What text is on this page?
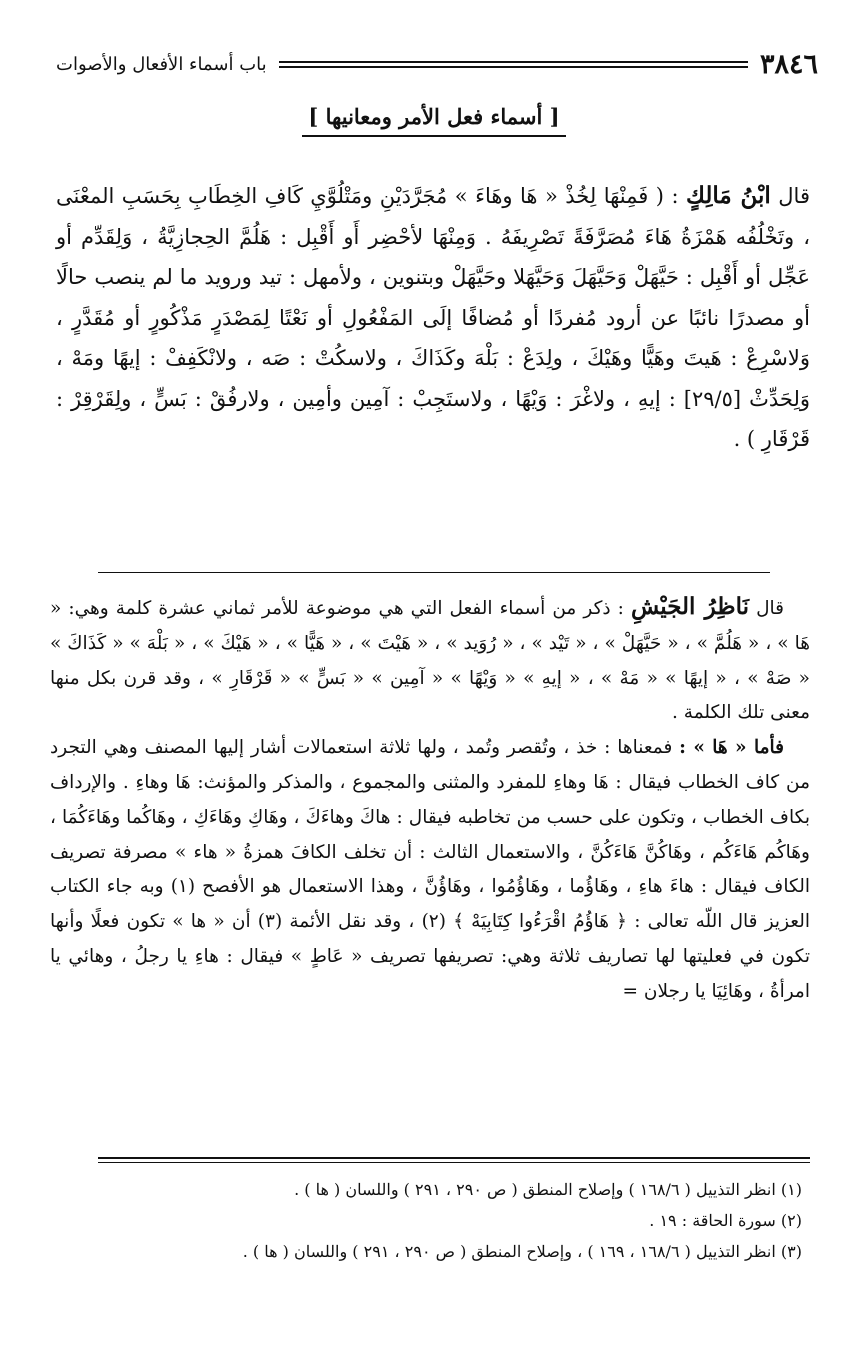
٣٨٤٦
باب أسماء الأفعال والأصوات
[ أسماء فعل الأمر ومعانيها ]
قال ابْنُ مَالِكٍ : ( فَمِنْهَا لِخُذْ « هَا وهَاءَ » مُجَرَّدَيْنِ ومَتْلُوَّيِ كَافِ الخِطَابِ بِحَسَبِ المعْنَى ، وتَخْلُفُه هَمْزَةُ هَاءَ مُصَرَّفَةً تَصْرِيفَهُ . وَمِنْهَا لأحْضِر أَو أَقْبِل : هَلُمَّ الحِجازِيَّةُ ، وَلِقَدِّم أو عَجِّل أو أَقْبِل : حَيَّهَلْ وَحَيَّهَلَ وَحَيَّهَلا وحَيَّهَلْ وبتنوين ، ولأمهل : تيد ورويد ما لم ينصب حالًا أو مصدرًا نائبًا عن أرود مُفردًا أو مُضافًا إلَى المَفْعُولِ أو نَعْتًا لِمَصْدَرٍ مَذْكُورٍ أو مُقَدَّرٍ ، وَلاسْرِعْ : هَيتَ وهَيًّا وهَيْكَ ، ولِدَعْ : بَلْهَ وكَذَاكَ ، ولاسكُتْ : صَه ، ولانْكَفِفْ : إيهًا ومَهْ ، وَلِحَدِّثْ [٢٩/٥] : إيهِ ، ولاغْرَ : وَيْهًا ، ولاستَجِبْ : آمِين وأمِين ، ولارفُقْ : بَسٍّ ، ولِقَرْقِرْ : قَرْقَارِ ) .

قال نَاظِرُ الجَيْشِ : ذكر من أسماء الفعل التي هي موضوعة للأمر ثماني عشرة كلمة وهي: « هَا » ، « هَلُمَّ » ، « حَيَّهَلْ » ، « تَيْد » ، « رُوَيد » ، « هَيْتَ » ، « هَيًّا » ، « هَيْكَ » ، « بَلْهَ » « كَذَاكَ » « صَهْ » ، « إيهًا » « مَهْ » ، « إيهِ » « وَيْهًا » « آمِين » « بَسٍّ » « قَرْقَارِ » ، وقد قرن بكل منها معنى تلك الكلمة .

فأما « هَا » : فمعناها : خذ ، وتُقصر وتُمد ، ولها ثلاثة استعمالات أشار إليها المصنف وهي التجرد من كاف الخطاب فيقال : هَا وهاءِ للمفرد والمثنى والمجموع ، والمذكر والمؤنث: هَا وهاءِ . والإرداف بكاف الخطاب ، وتكون على حسب من تخاطبه فيقال : هاكَ وهاءَكَ ، وهَاكِ وهَاءَكِ ، وهَاكُما وهَاءَكُمَا ، وهَاكُم هَاءَكُم ، وهَاكُنَّ هَاءَكُنَّ ، والاستعمال الثالث : أن تخلف الكافَ همزةُ « هاء » مصرفة تصريف الكاف فيقال : هاءَ هاءِ ، وهَاؤُما ، وهَاؤُمُوا ، وهَاؤُنَّ ، وهذا الاستعمال هو الأفصح (١) وبه جاء الكتاب العزيز قال اللّه تعالى : ﴿ هَاؤُمُ اقْرَءُوا كِتَابِيَهْ ﴾ (٢) ، وقد نقل الأئمة (٣) أن « ها » تكون فعلًا وأنها تكون في فعليتها لها تصاريف ثلاثة وهي: تصريفها تصريف « عَاطٍ » فيقال : هاءِ يا رجلُ ، وهائي يا امرأةُ ، وهَائِيَا يا رجلان =

(١) انظر التذييل ( ١٦٨/٦ ) وإصلاح المنطق ( ص ٢٩٠ ، ٢٩١ ) واللسان ( ها ) .
(٢) سورة الحاقة : ١٩ .
(٣) انظر التذييل ( ١٦٨/٦ ، ١٦٩ ) ، وإصلاح المنطق ( ص ٢٩٠ ، ٢٩١ ) واللسان ( ها ) .
